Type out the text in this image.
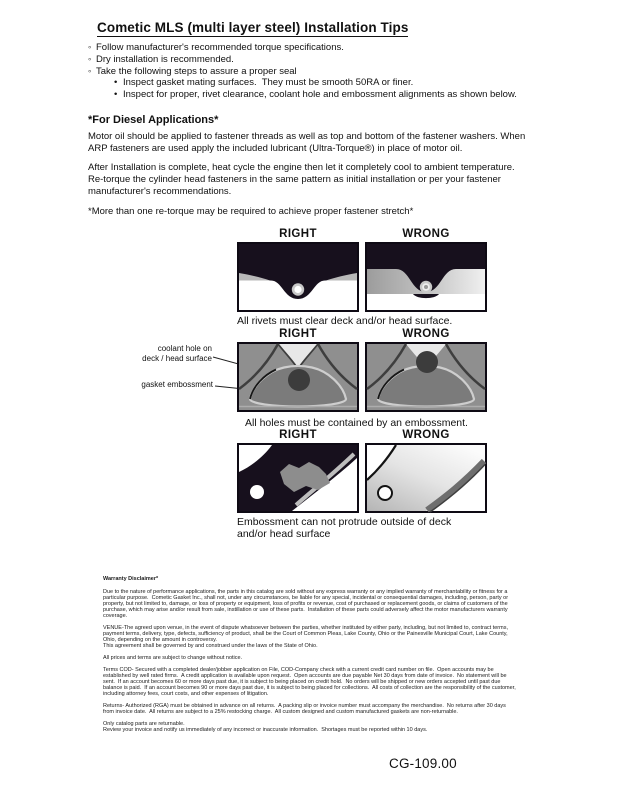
Cometic MLS (multi layer steel) Installation Tips
◦ Follow manufacturer's recommended torque specifications.
◦ Dry installation is recommended.
◦ Take the following steps to assure a proper seal
• Inspect gasket mating surfaces.  They must be smooth 50RA or finer.
• Inspect for proper, rivet clearance, coolant hole and embossment alignments as shown below.
*For Diesel Applications*
Motor oil should be applied to fastener threads as well as top and bottom of the fastener washers. When ARP fasteners are used apply the included lubricant (Ultra-Torque®) in place of motor oil.
After Installation is complete, heat cycle the engine then let it completely cool to ambient temperature. Re-torque the cylinder head fasteners in the same pattern as initial installation or per your fastener manufacturer's recommendations.
*More than one re-torque may be required to achieve proper fastener stretch*
RIGHT	WRONG
All rivets must clear deck and/or head surface.
RIGHT	WRONG
coolant hole on
deck / head surface
gasket embossment
All holes must be contained by an embossment.
RIGHT	WRONG
Embossment can not protrude outside of deck
and/or head surface
Warranty Disclaimer*

Due to the nature of performance applications, the parts in this catalog are sold without any express warranty or any implied warranty of merchantability or fitness for a particular purpose.  Cometic Gasket Inc., shall not, under any circumstances, be liable for any special, incidental or consequential damages, including, person, party or property, but not limited to, damage, or loss of property or equipment, loss of profits or revenue, cost of purchased or replacement goods, or claims of customers of the purchase, which may arise and/or result from sale, instillation or use of these parts.  Installation of these parts could adversely affect the motor manufacturers warranty coverage.

VENUE-The agreed upon venue, in the event of dispute whatsoever between the parties, whether instituted by either party, including, but not limited to, contract terms, payment terms, delivery, type, defects, sufficiency of product, shall be the Court of Common Pleas, Lake County, Ohio or the Painesville Municipal Court, Lake County, Ohio, depending on the amount in controversy.

This agreement shall be governed by and construed under the laws of the State of Ohio.

All prices and terms are subject to change without notice.

Terms COD- Secured with a completed dealer/jobber application on File, COD-Company check with a current credit card number on file.  Open accounts may be established by well rated firms.  A credit application is available upon request.  Open accounts are due payable Net 30 days from date of invoice.  No statement will be sent.  If an account becomes 60 or more days past due, it is subject to being placed on credit hold.  No orders will be shipped or new orders accepted until past due balance is paid.  If an account becomes 90 or more days past due, it is subject to being placed for collections.  All costs of collection are the responsibility of the customer, including attorney fees, court costs, and other expenses of litigation.

Returns- Authorized (RGA) must be obtained in advance on all returns.  A packing slip or invoice number must accompany the merchandise.  No returns after 30 days from invoice date.  All returns are subject to a 25% restocking charge.  All custom designed and custom manufactured gaskets are non-returnable.

Only catalog parts are returnable.

Review your invoice and notify us immediately of any incorrect or inaccurate information.  Shortages must be reported within 10 days.

CG-109.00
